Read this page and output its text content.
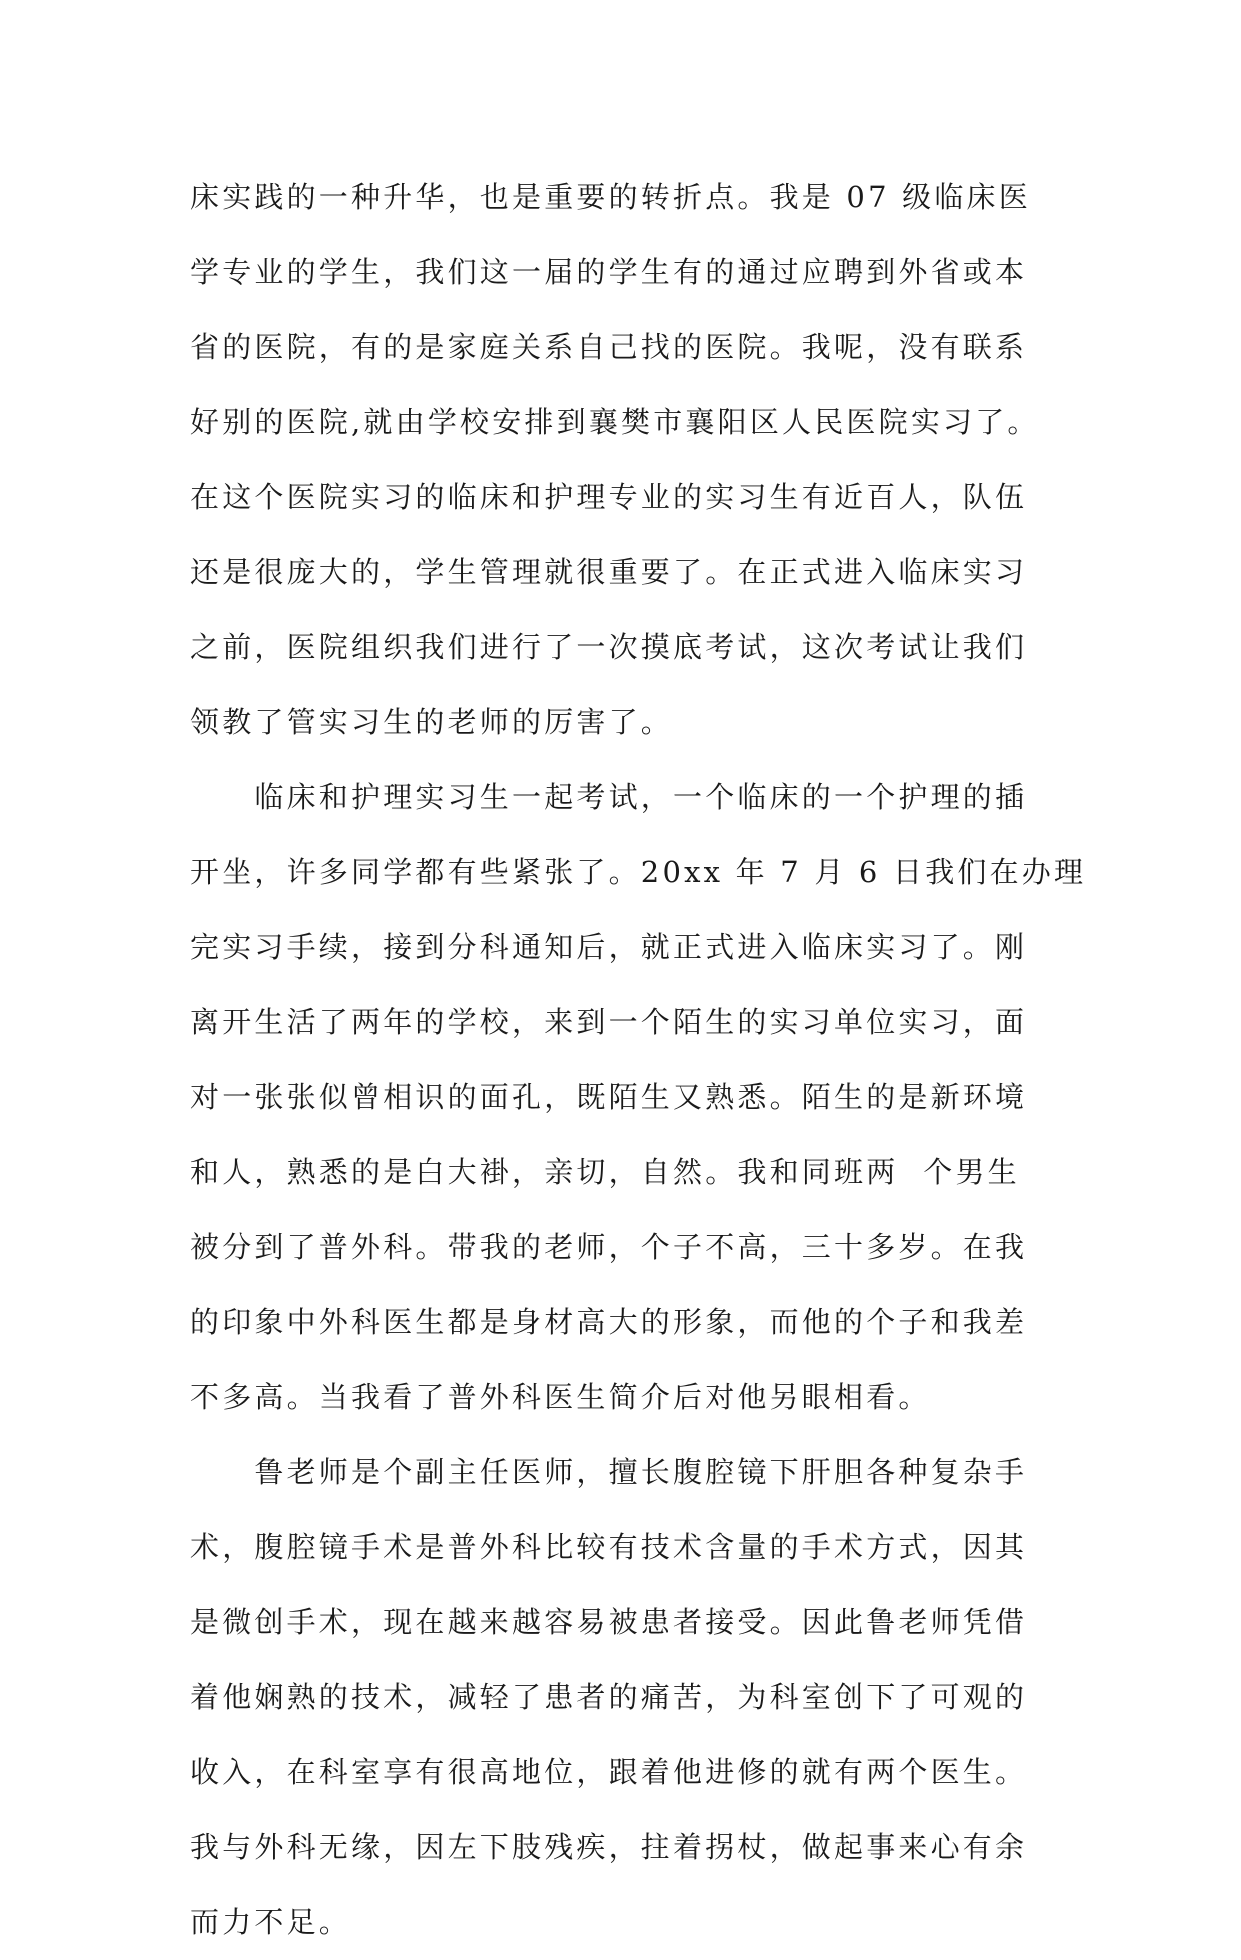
床实践的一种升华，也是重要的转折点。我是 07 级临床医
学专业的学生，我们这一届的学生有的通过应聘到外省或本
省的医院，有的是家庭关系自己找的医院。我呢，没有联系
好别的医院,就由学校安排到襄樊市襄阳区人民医院实习了。
在这个医院实习的临床和护理专业的实习生有近百人，队伍
还是很庞大的，学生管理就很重要了。在正式进入临床实习
之前，医院组织我们进行了一次摸底考试，这次考试让我们
领教了管实习生的老师的厉害了。
　　临床和护理实习生一起考试，一个临床的一个护理的插
开坐，许多同学都有些紧张了。20xx 年 7 月 6 日我们在办理
完实习手续，接到分科通知后，就正式进入临床实习了。刚
离开生活了两年的学校，来到一个陌生的实习单位实习，面
对一张张似曾相识的面孔，既陌生又熟悉。陌生的是新环境
和人，熟悉的是白大褂，亲切，自然。我和同班两  个男生
被分到了普外科。带我的老师，个子不高，三十多岁。在我
的印象中外科医生都是身材高大的形象，而他的个子和我差
不多高。当我看了普外科医生简介后对他另眼相看。
　　鲁老师是个副主任医师，擅长腹腔镜下肝胆各种复杂手
术，腹腔镜手术是普外科比较有技术含量的手术方式，因其
是微创手术，现在越来越容易被患者接受。因此鲁老师凭借
着他娴熟的技术，减轻了患者的痛苦，为科室创下了可观的
收入，在科室享有很高地位，跟着他进修的就有两个医生。
我与外科无缘，因左下肢残疾，拄着拐杖，做起事来心有余
而力不足。
